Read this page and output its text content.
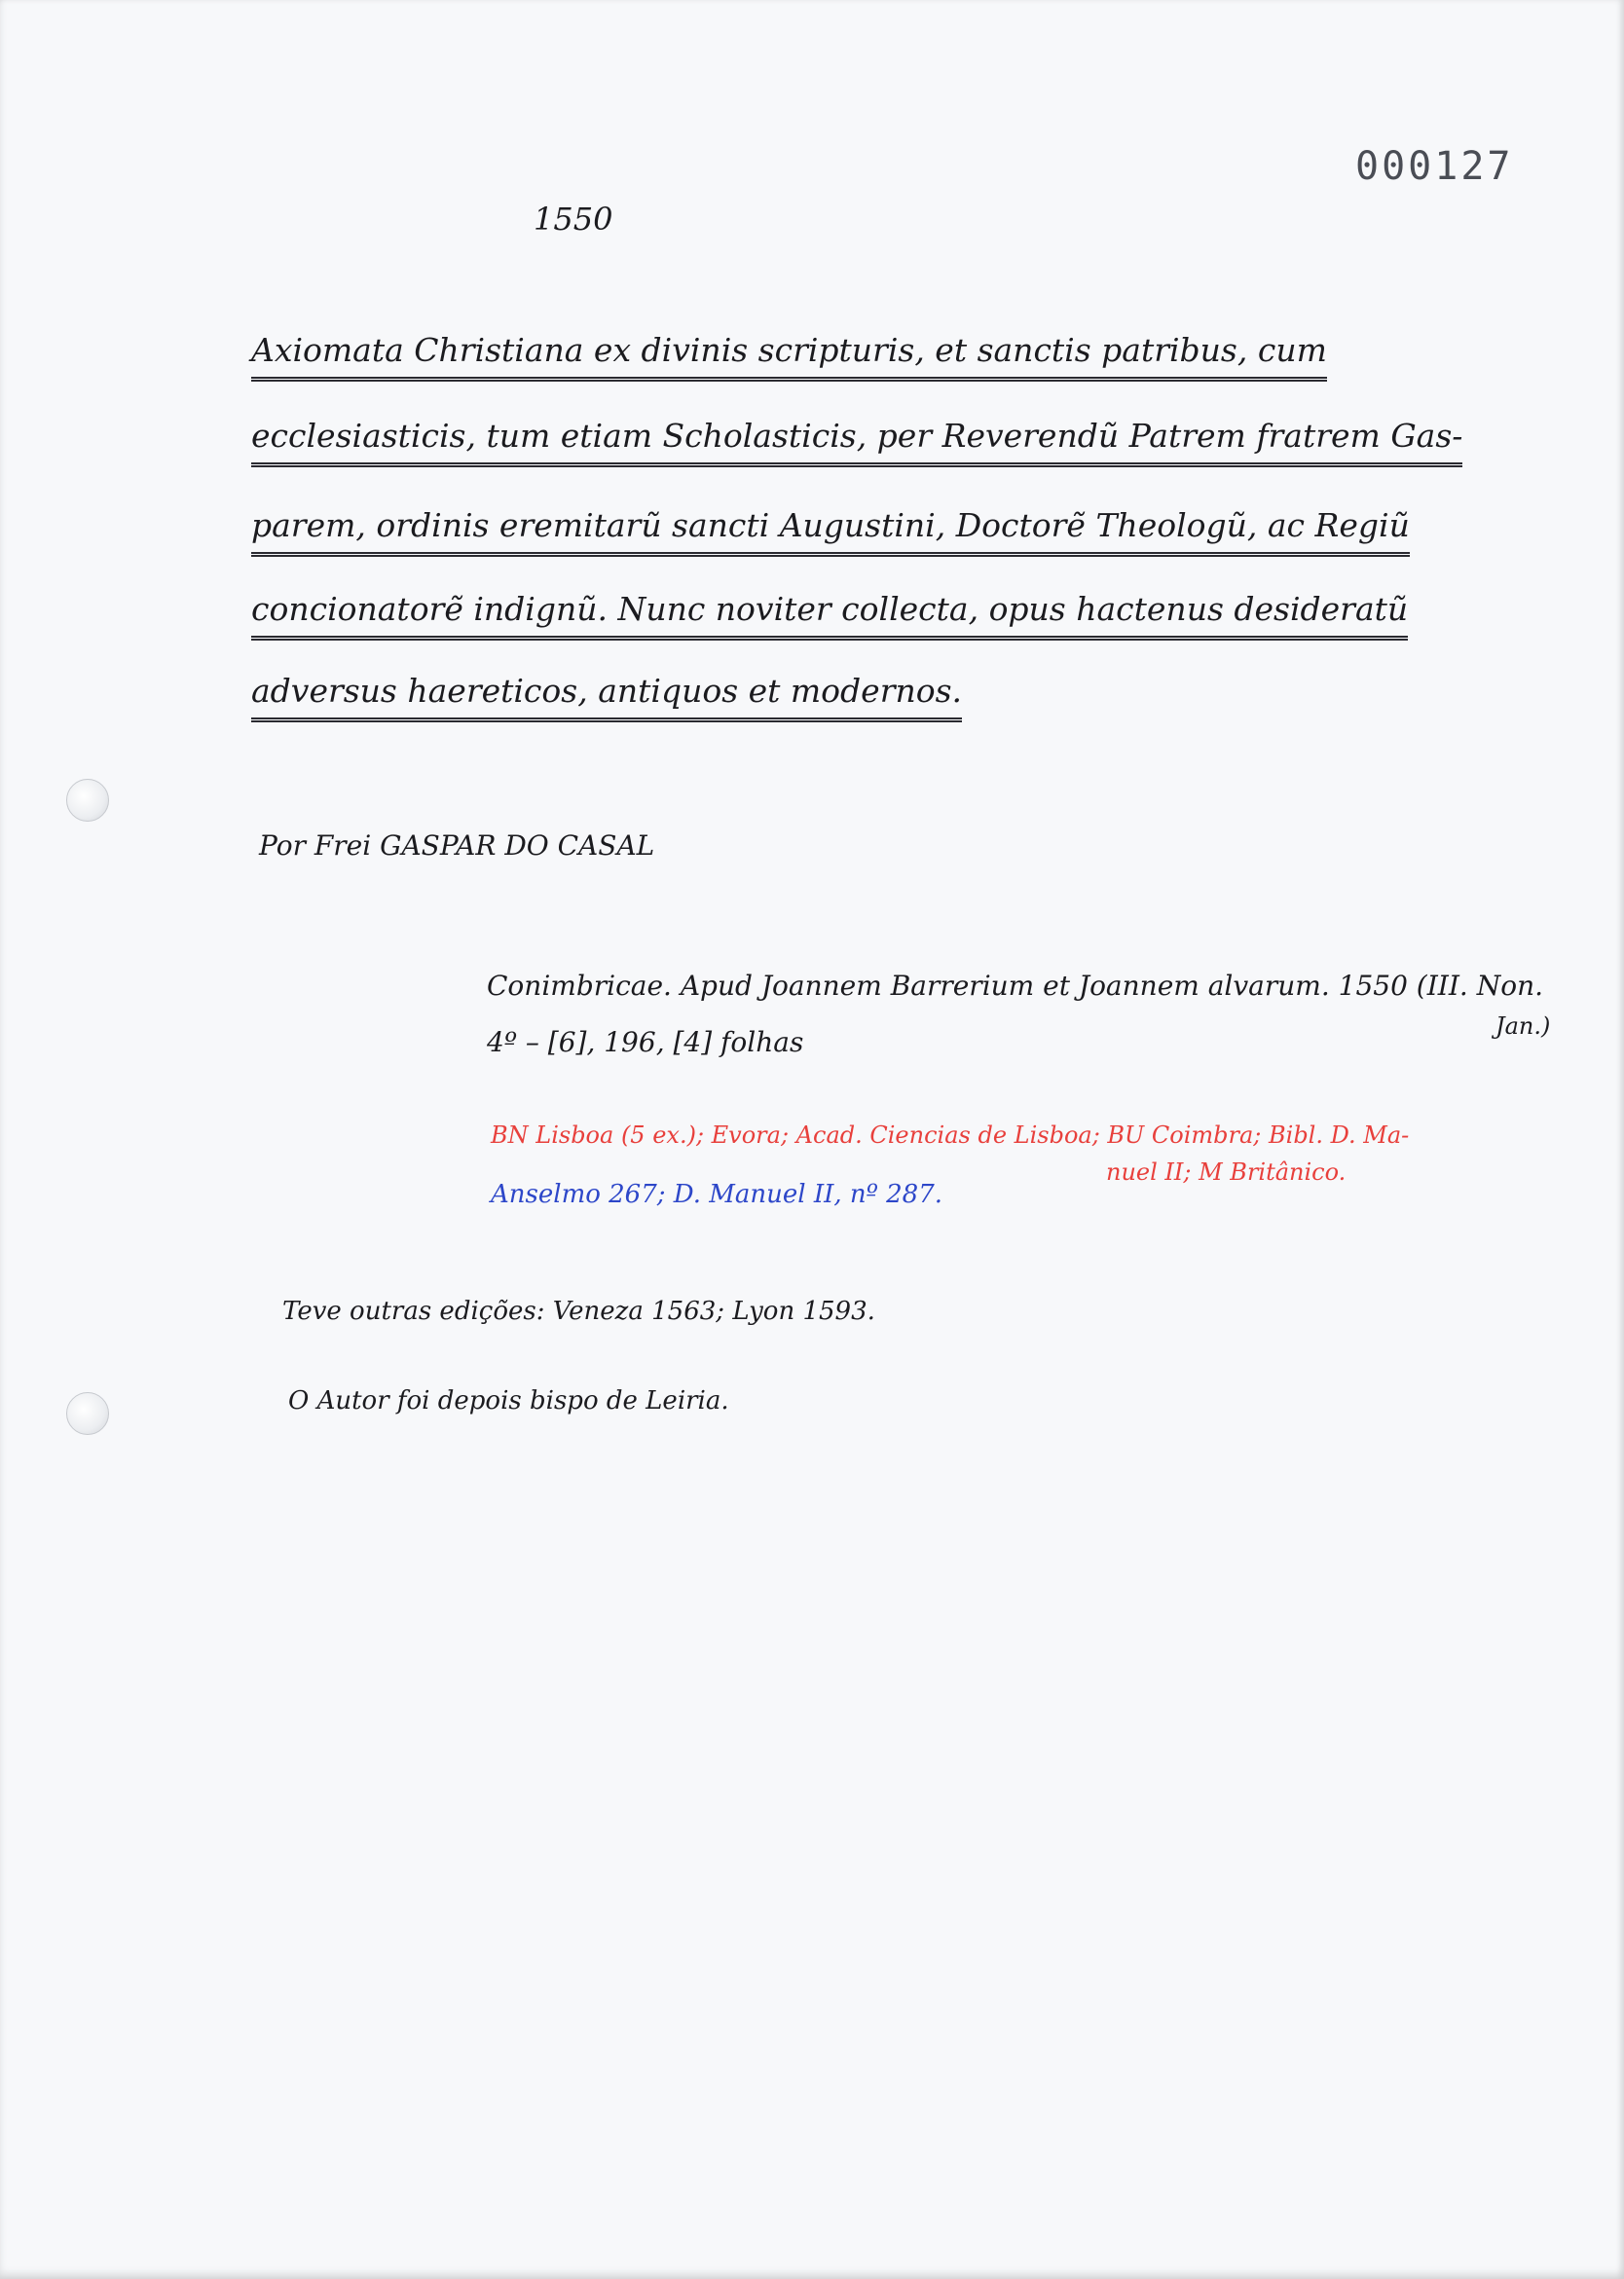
000127
1550
Axiomata Christiana ex divinis scripturis, et sanctis patribus, cum
ecclesiasticis, tum etiam Scholasticis, per Reverendũ Patrem fratrem Gas-
parem, ordinis eremitarũ sancti Augustini, Doctorẽ Theologũ, ac Regiũ
concionatorẽ indignũ. Nunc noviter collecta, opus hactenus desideratũ
adversus haereticos, antiquos et modernos.
Por Frei GASPAR DO CASAL
Conimbricae. Apud Joannem Barrerium et Joannem alvarum. 1550 (III. Non.
Jan.)
4º – [6], 196, [4] folhas
BN Lisboa (5 ex.); Evora; Acad. Ciencias de Lisboa; BU Coimbra; Bibl. D. Ma-
nuel II; M Britânico.
Anselmo 267; D. Manuel II, nº 287.
Teve outras edições: Veneza 1563; Lyon 1593.
O Autor foi depois bispo de Leiria.
